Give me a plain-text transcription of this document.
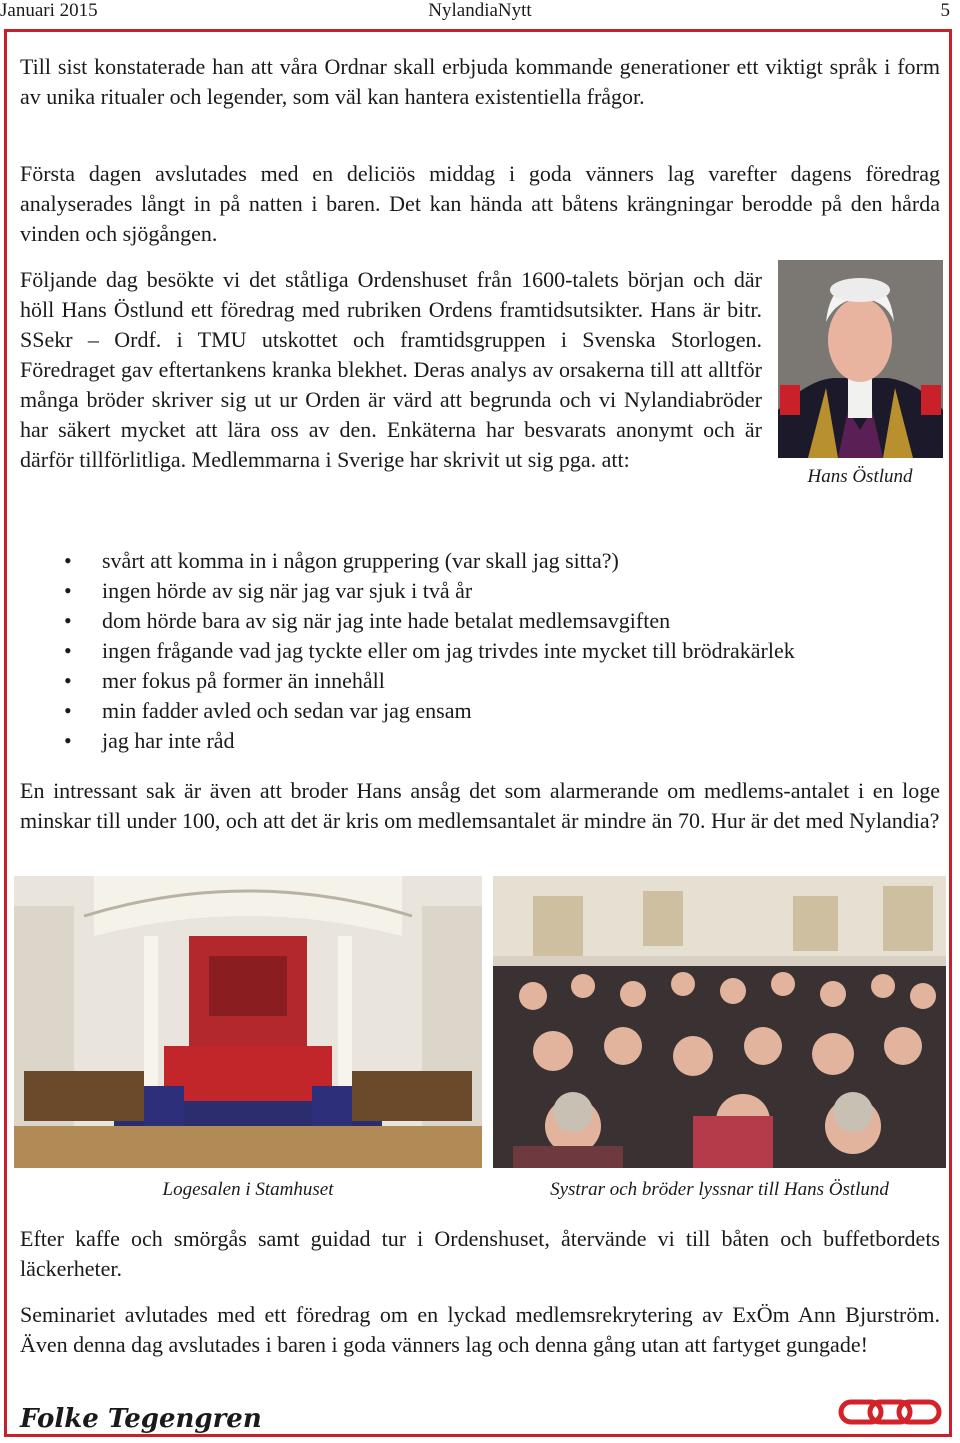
Januari 2015	NylandiaNytt	5

Till sist konstaterade han att våra Ordnar skall erbjuda kommande generationer ett viktigt språk i form av unika ritualer och legender, som väl kan hantera existentiella frågor.

Första dagen avslutades med en deliciös middag i goda vänners lag varefter dagens föredrag analyserades långt in på natten i baren. Det kan hända att båtens krängningar berodde på den hårda vinden och sjögången.

Följande dag besökte vi det ståtliga Ordenshuset från 1600-talets början och där höll Hans Östlund ett föredrag med rubriken Ordens framtidsutsikter. Hans är bitr. SSekr – Ordf. i TMU utskottet och framtidsgruppen i Svenska Storlogen. Föredraget gav eftertankens kranka blekhet. Deras analys av orsakerna till att alltför många bröder skriver sig ut ur Orden är värd att begrunda och vi Nylandiabröder har säkert mycket att lära oss av den. Enkäterna har besvarats anonymt och är därför tillförlitliga. Medlemmarna i Sverige har skrivit ut sig pga. att:

Hans Östlund
• svårt att komma in i någon gruppering (var skall jag sitta?)
• ingen hörde av sig när jag var sjuk i två år
• dom hörde bara av sig när jag inte hade betalat medlemsavgiften
• ingen frågande vad jag tyckte eller om jag trivdes inte mycket till brödrakärlek
• mer fokus på former än innehåll
• min fadder avled och sedan var jag ensam
• jag har inte råd

En intressant sak är även att broder Hans ansåg det som alarmerande om medlems-antalet i en loge minskar till under 100, och att det är kris om medlemsantalet är mindre än 70. Hur är det med Nylandia?

Logesalen i Stamhuset	Systrar och bröder lyssnar till Hans Östlund

Efter kaffe och smörgås samt guidad tur i Ordenshuset, återvände vi till båten och buffetbordets läckerheter.

Seminariet avlutades med ett föredrag om en lyckad medlemsrekrytering av ExÖm Ann Bjurström. Även denna dag avslutades i baren i goda vänners lag och denna gång utan att fartyget gungade!

Folke Tegengren
